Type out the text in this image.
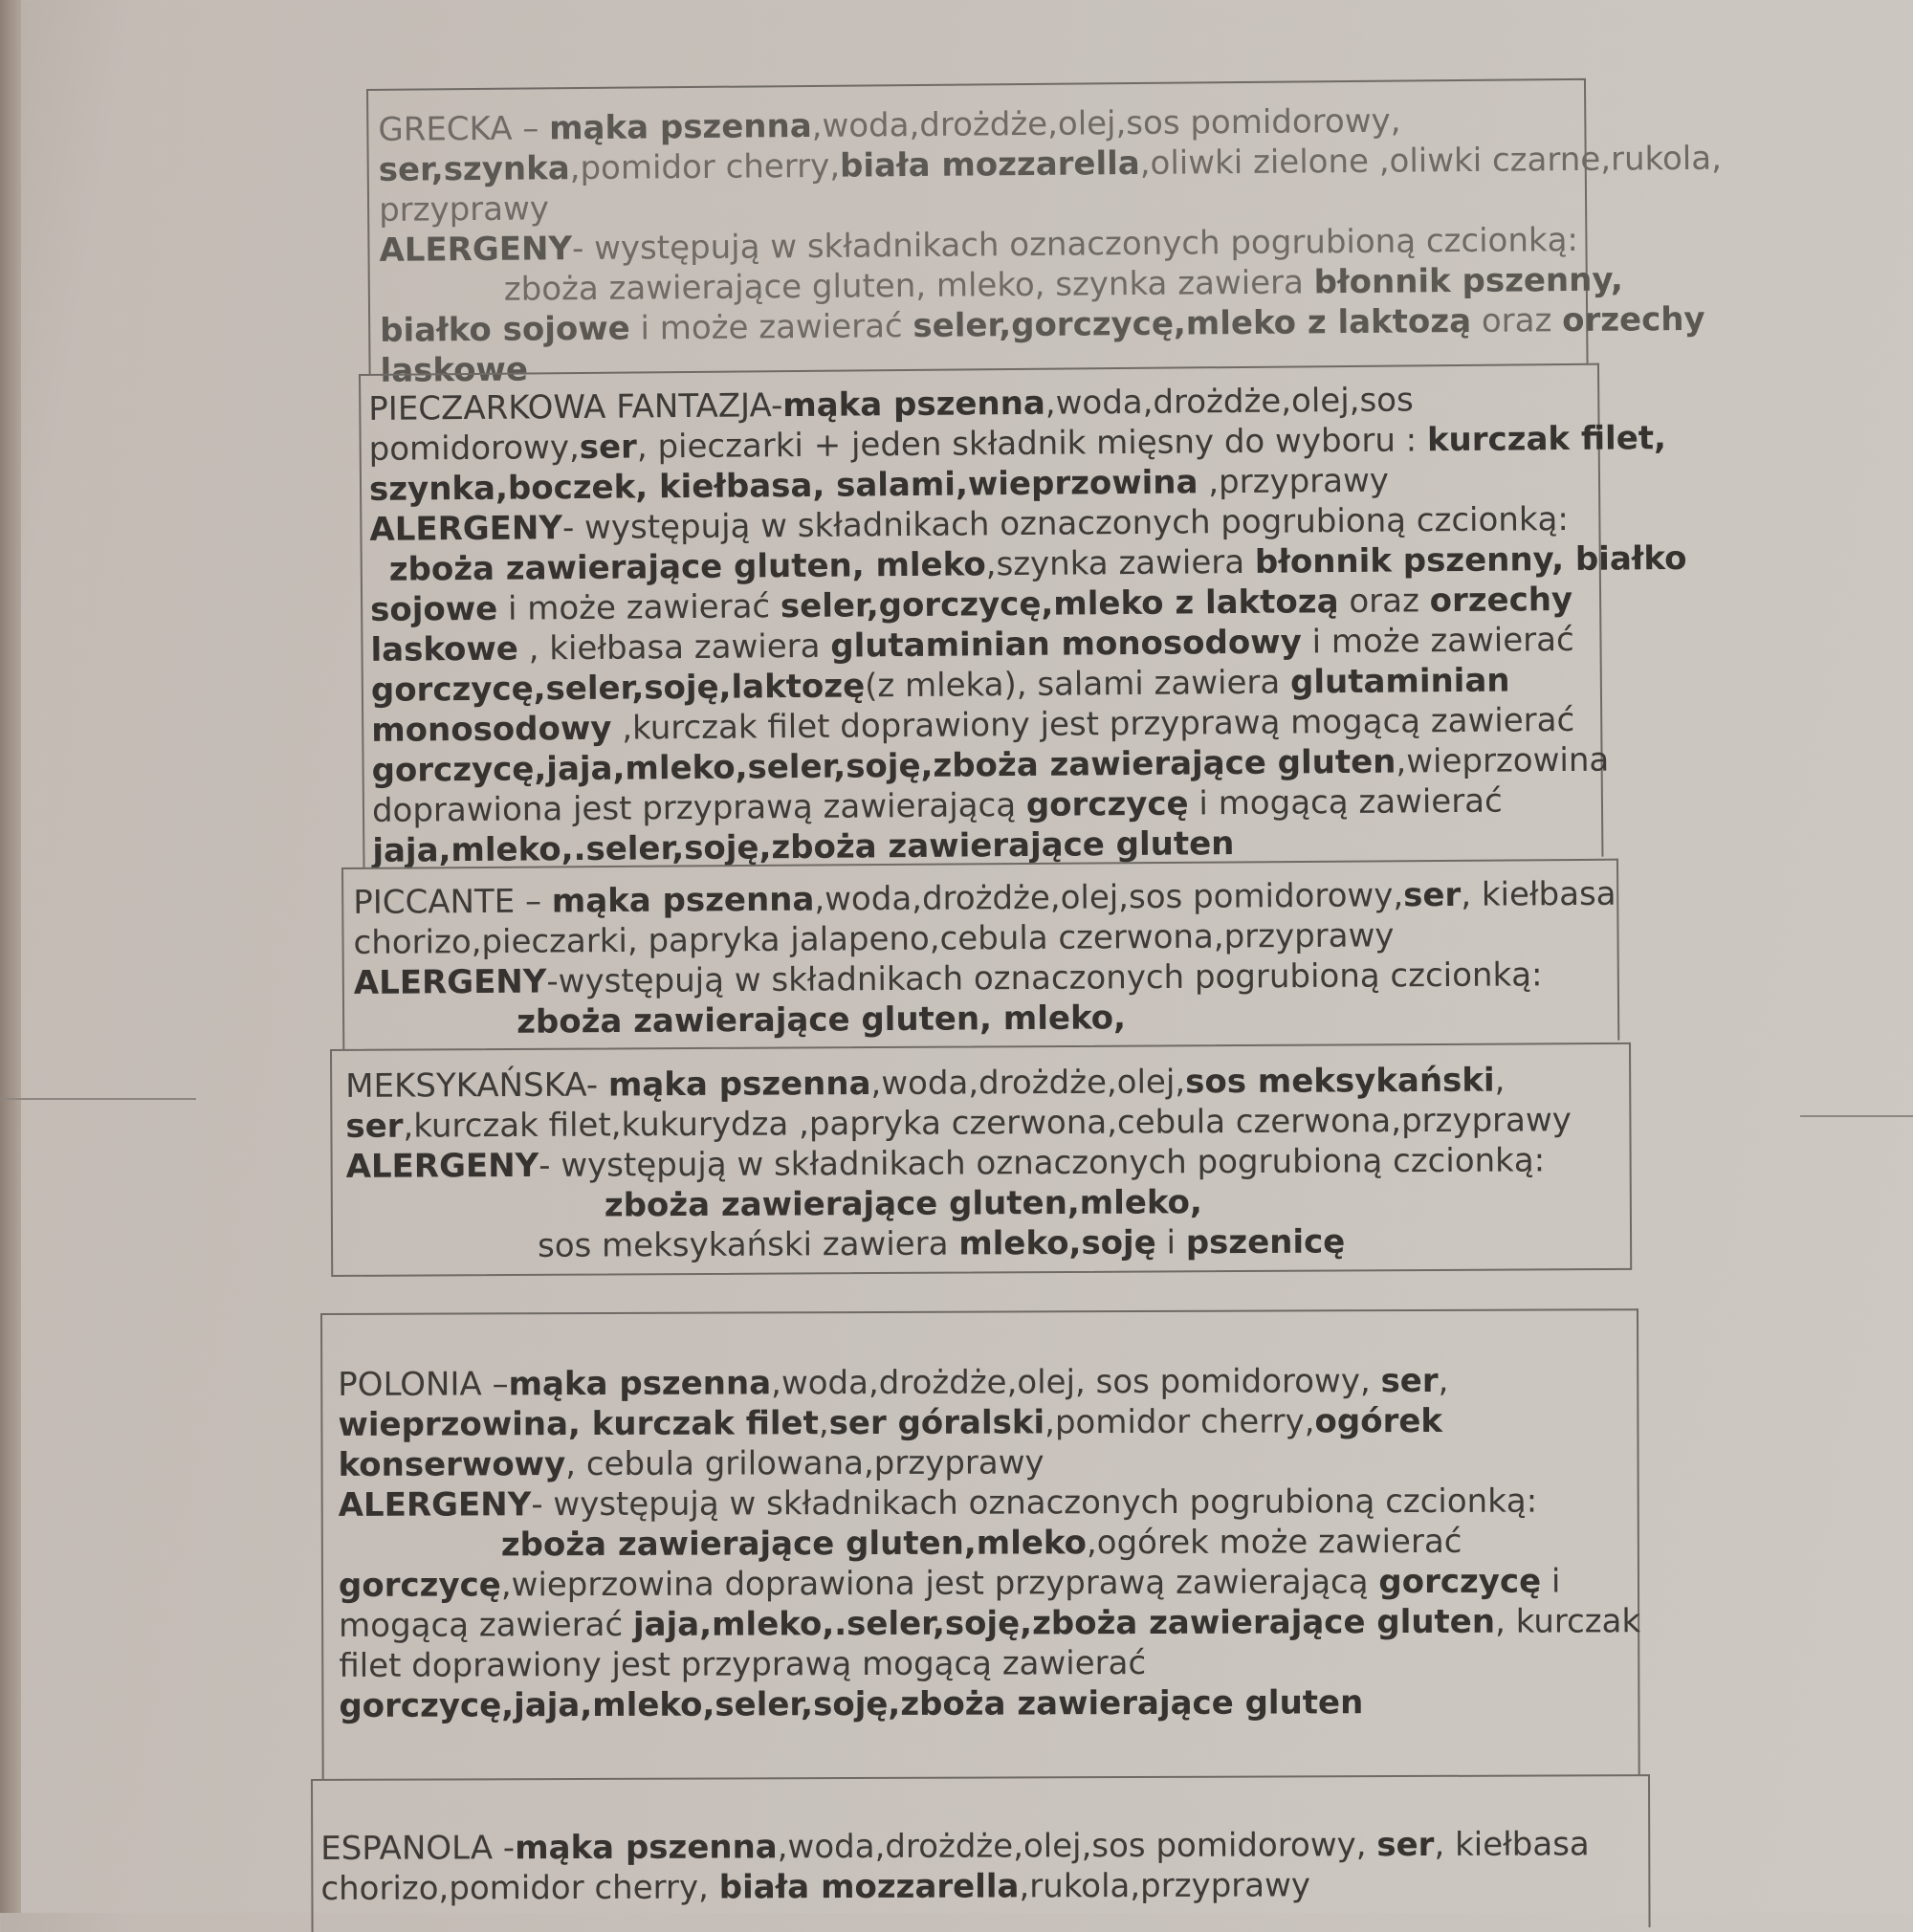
GRECKA – mąka pszenna,woda,drożdże,olej,sos pomidorowy,

ser,szynka,pomidor cherry,biała mozzarella,oliwki zielone ,oliwki czarne,rukola,

przyprawy

ALERGENY- występują w składnikach oznaczonych pogrubioną czcionką:

zboża zawierające gluten, mleko, szynka zawiera błonnik pszenny,

białko sojowe i może zawierać seler,gorczycę,mleko z laktozą oraz orzechy

laskowe

PIECZARKOWA FANTAZJA-mąka pszenna,woda,drożdże,olej,sos

pomidorowy,ser, pieczarki + jeden składnik mięsny do wyboru : kurczak filet,

szynka,boczek, kiełbasa, salami,wieprzowina ,przyprawy

ALERGENY- występują w składnikach oznaczonych pogrubioną czcionką:

zboża zawierające gluten, mleko,szynka zawiera błonnik pszenny, białko

sojowe i może zawierać seler,gorczycę,mleko z laktozą oraz orzechy

laskowe , kiełbasa zawiera glutaminian monosodowy i może zawierać

gorczycę,seler,soję,laktozę(z mleka), salami zawiera glutaminian

monosodowy ,kurczak filet doprawiony jest przyprawą mogącą zawierać

gorczycę,jaja,mleko,seler,soję,zboża zawierające gluten,wieprzowina

doprawiona jest przyprawą zawierającą gorczycę i mogącą zawierać

jaja,mleko,.seler,soję,zboża zawierające gluten

PICCANTE – mąka pszenna,woda,drożdże,olej,sos pomidorowy,ser, kiełbasa

chorizo,pieczarki, papryka jalapeno,cebula czerwona,przyprawy

ALERGENY-występują w składnikach oznaczonych pogrubioną czcionką:

zboża zawierające gluten, mleko,

MEKSYKAŃSKA- mąka pszenna,woda,drożdże,olej,sos meksykański,

ser,kurczak filet,kukurydza ,papryka czerwona,cebula czerwona,przyprawy

ALERGENY- występują w składnikach oznaczonych pogrubioną czcionką:

zboża zawierające gluten,mleko,

sos meksykański zawiera mleko,soję i pszenicę

POLONIA –mąka pszenna,woda,drożdże,olej, sos pomidorowy, ser,

wieprzowina, kurczak filet,ser góralski,pomidor cherry,ogórek

konserwowy, cebula grilowana,przyprawy

ALERGENY- występują w składnikach oznaczonych pogrubioną czcionką:

zboża zawierające gluten,mleko,ogórek może zawierać

gorczycę,wieprzowina doprawiona jest przyprawą zawierającą gorczycę i

mogącą zawierać jaja,mleko,.seler,soję,zboża zawierające gluten, kurczak

filet doprawiony jest przyprawą mogącą zawierać

gorczycę,jaja,mleko,seler,soję,zboża zawierające gluten

ESPANOLA -mąka pszenna,woda,drożdże,olej,sos pomidorowy, ser, kiełbasa

chorizo,pomidor cherry, biała mozzarella,rukola,przyprawy
